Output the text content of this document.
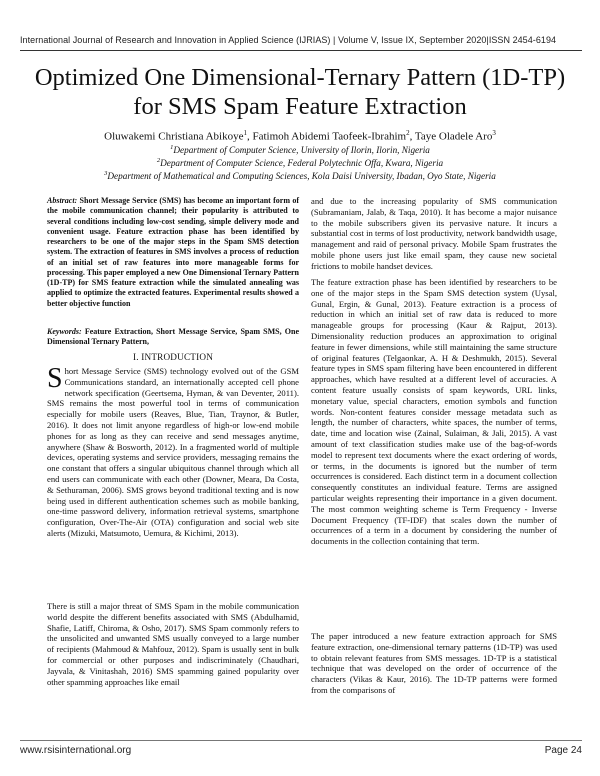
International Journal of Research and Innovation in Applied Science (IJRIAS) | Volume V, Issue IX, September 2020|ISSN 2454-6194
Optimized One Dimensional-Ternary Pattern (1D-TP)
for SMS Spam Feature Extraction
Oluwakemi Christiana Abikoye$^1$, Fatimoh Abidemi Taofeek-Ibrahim$^2$, Taye Oladele Aro$^3$
$^1$Department of Computer Science, University of Ilorin, Ilorin, Nigeria
$^2$Department of Computer Science, Federal Polytechnic Offa, Kwara, Nigeria
$^3$Department of Mathematical and Computing Sciences, Kola Daisi University, Ibadan, Oyo State, Nigeria
Abstract: Short Message Service (SMS) has become an important form of the mobile communication channel; their popularity is attributed to several conditions including low-cost sending, simple delivery mode and convenient usage. Feature extraction phase has been identified by researchers to be one of the major steps in the Spam SMS detection system. The extraction of features in SMS involves a process of reduction of an initial set of raw features into more manageable forms for processing. This paper employed a new One Dimensional Ternary Pattern (1D-TP) for SMS feature extraction while the simulated annealing was applied to optimize the extracted features. Experimental results showed a better objective function
Keywords: Feature Extraction, Short Message Service, Spam SMS, One Dimensional Ternary Pattern,
I. INTRODUCTION
Short Message Service (SMS) technology evolved out of the GSM Communications standard, an internationally accepted cell phone network specification (Geertsema, Hyman, & van Deventer, 2011). SMS remains the most powerful tool in terms of communication especially for mobile users (Reaves, Blue, Tian, Traynor, & Butler, 2016). It does not limit anyone regardless of high-or low-end mobile phones for as long as they can receive and send messages anytime, anywhere (Shaw & Bosworth, 2012). In a fragmented world of multiple devices, operating systems and service providers, messaging remains the one constant that offers a singular ubiquitous channel through which all end users can communicate with each other (Downer, Meara, Da Costa, & Sethuraman, 2006). SMS grows beyond traditional texting and is now being used in different authentication schemes such as mobile banking, one-time password delivery, information retrieval systems, smartphone configuration, Over-The-Air (OTA) configuration and social web site alerts (Mizuki, Matsumoto, Uemura, & Kichimi, 2013).
There is still a major threat of SMS Spam in the mobile communication world despite the different benefits associated with SMS (Abdulhamid, Shafie, Latiff, Chiroma, & Osho, 2017). SMS Spam commonly refers to the unsolicited and unwanted SMS usually conveyed to a large number of recipients (Mahmoud & Mahfouz, 2012). Spam is usually sent in bulk for commercial or other purposes and indiscriminately (Chaudhari, Jayvala, & Vinitashah, 2016) SMS spamming gained popularity over other spamming approaches like email
and due to the increasing popularity of SMS communication (Subramaniam, Jalab, & Taqa, 2010). It has become a major nuisance to the mobile subscribers given its pervasive nature. It incurs a substantial cost in terms of lost productivity, network bandwidth usage, management and raid of personal privacy. Mobile Spam frustrates the mobile phone users just like email spam, they cause new societal frictions to mobile handset devices.
The feature extraction phase has been identified by researchers to be one of the major steps in the Spam SMS detection system (Uysal, Gunal, Ergin, & Gunal, 2013). Feature extraction is a process of reduction in which an initial set of raw data is reduced to more manageable groups for processing (Kaur & Rajput, 2013). Dimensionality reduction produces an approximation to original feature in fewer dimensions, while still maintaining the same structure of original features (Telgaonkar, A. H & Deshmukh, 2015). Several feature types in SMS spam filtering have been encountered in different approaches, which have resulted at a different level of accuracies. A content feature usually consists of spam keywords, URL links, monetary value, special characters, emotion symbols and function words. Non-content features consider message metadata such as length, the number of characters, white spaces, the number of terms, date, time and location wise (Zainal, Sulaiman, & Jali, 2015). A vast amount of text classification studies make use of the bag-of-words model to represent text documents where the exact ordering of words, or terms, in the documents is ignored but the number of term occurrences is considered. Each distinct term in a document collection consequently constitutes an individual feature. Terms are assigned particular weights representing their importance in a given document. The most common weighting scheme is Term Frequency - Inverse Document Frequency (TF-IDF) that scales down the number of occurrences of a term in a document by considering the number of documents in the collection containing that term.
The paper introduced a new feature extraction approach for SMS feature extraction, one-dimensional ternary patterns (1D-TP) was used to obtain relevant features from SMS messages. 1D-TP is a statistical technique that was developed on the order of occurrence of the characters (Vikas & Kaur, 2016). The 1D-TP patterns were formed from the comparisons of
www.rsisinternational.org	Page 24
